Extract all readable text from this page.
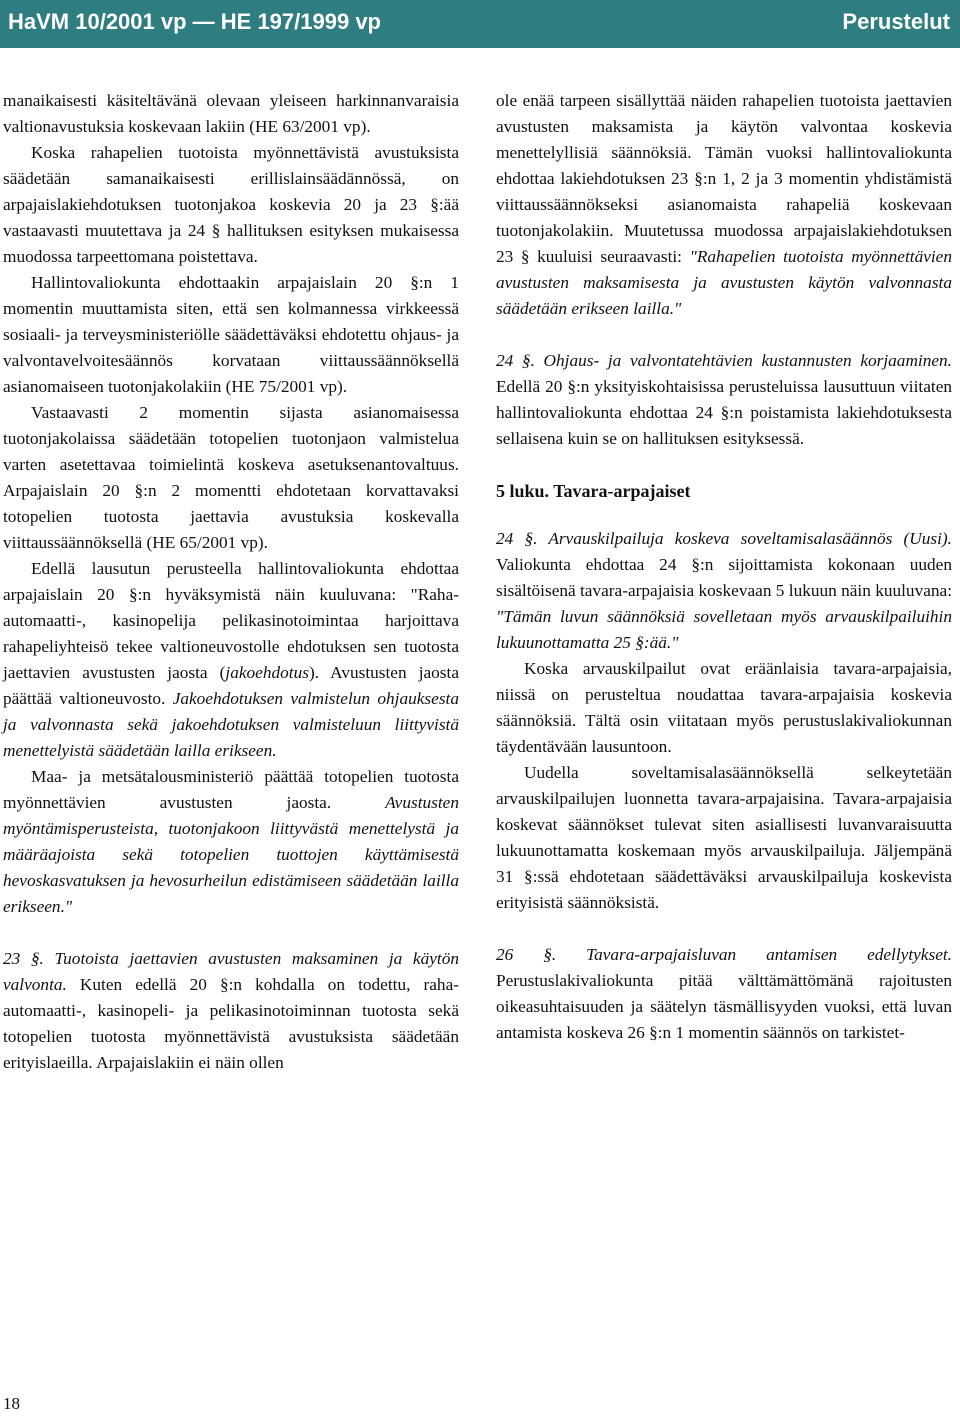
HaVM 10/2001 vp — HE 197/1999 vp	Perustelut

manaikaisesti käsiteltävänä olevaan yleiseen harkinnanvaraisia valtionavustuksia koskevaan lakiin (HE 63/2001 vp).

Koska rahapelien tuotoista myönnettävistä avustuksista säädetään samanaikaisesti erillislainsäädännössä, on arpajaislakiehdotuksen tuotonjakoa koskevia 20 ja 23 §:ää vastaavasti muutettava ja 24 § hallituksen esityksen mukaisessa muodossa tarpeettomana poistettava.

Hallintovaliokunta ehdottaakin arpajaislain 20 §:n 1 momentin muuttamista siten, että sen kolmannessa virkkeessä sosiaali- ja terveysministeriölle säädettäväksi ehdotettu ohjaus- ja valvontavelvoitesäännös korvataan viittaussäännöksellä asianomaiseen tuotonjakolakiin (HE 75/2001 vp).

Vastaavasti 2 momentin sijasta asianomaisessa tuotonjakolaissa säädetään totopelien tuotonjaon valmistelua varten asetettavaa toimielintä koskeva asetuksenantovaltuus. Arpajaislain 20 §:n 2 momentti ehdotetaan korvattavaksi totopelien tuotosta jaettavia avustuksia koskevalla viittaussäännöksellä (HE 65/2001 vp).

Edellä lausutun perusteella hallintovaliokunta ehdottaa arpajaislain 20 §:n hyväksymistä näin kuuluvana: "Raha-automaatti-, kasinopelija pelikasinotoimintaa harjoittava rahapeliyhteisö tekee valtioneuvostolle ehdotuksen sen tuotosta jaettavien avustusten jaosta (jakoehdotus). Avustusten jaosta päättää valtioneuvosto. Jakoehdotuksen valmistelun ohjauksesta ja valvonnasta sekä jakoehdotuksen valmisteluun liittyvistä menettelyistä säädetään lailla erikseen.

Maa- ja metsätalousministeriö päättää totopelien tuotosta myönnettävien avustusten jaosta. Avustusten myöntämisperusteista, tuotonjakoon liittyvästä menettelystä ja määräajoista sekä totopelien tuottojen käyttämisestä hevoskasvatuksen ja hevosurheilun edistämiseen säädetään lailla erikseen."

23 §. Tuotoista jaettavien avustusten maksaminen ja käytön valvonta. Kuten edellä 20 §:n kohdalla on todettu, raha-automaatti-, kasinopeli- ja pelikasinotoiminnan tuotosta sekä totopelien tuotosta myönnettävistä avustuksista säädetään erityislaeilla. Arpajaislakiin ei näin ollen

ole enää tarpeen sisällyttää näiden rahapelien tuotoista jaettavien avustusten maksamista ja käytön valvontaa koskevia menettelyllisiä säännöksiä. Tämän vuoksi hallintovaliokunta ehdottaa lakiehdotuksen 23 §:n 1, 2 ja 3 momentin yhdistämistä viittaussäännökseksi asianomaista rahapeliä koskevaan tuotonjakolakiin. Muutetussa muodossa arpajaislakiehdotuksen 23 § kuuluisi seuraavasti: "Rahapelien tuotoista myönnettävien avustusten maksamisesta ja avustusten käytön valvonnasta säädetään erikseen lailla."

24 §. Ohjaus- ja valvontatehtävien kustannusten korjaaminen. Edellä 20 §:n yksityiskohtaisissa perusteluissa lausuttuun viitaten hallintovaliokunta ehdottaa 24 §:n poistamista lakiehdotuksesta sellaisena kuin se on hallituksen esityksessä.

5 luku. Tavara-arpajaiset

24 §. Arvauskilpailuja koskeva soveltamisalasäännös (Uusi). Valiokunta ehdottaa 24 §:n sijoittamista kokonaan uuden sisältöisenä tavara-arpajaisia koskevaan 5 lukuun näin kuuluvana: "Tämän luvun säännöksiä sovelletaan myös arvauskilpailuihin lukuunottamatta 25 §:ää."

Koska arvauskilpailut ovat eräänlaisia tavara-arpajaisia, niissä on perusteltua noudattaa tavara-arpajaisia koskevia säännöksiä. Tältä osin viitataan myös perustuslakivaliokunnan täydentävään lausuntoon.

Uudella soveltamisalasäännöksellä selkeytetään arvauskilpailujen luonnetta tavara-arpajaisina. Tavara-arpajaisia koskevat säännökset tulevat siten asiallisesti luvanvaraisuutta lukuunottamatta koskemaan myös arvauskilpailuja. Jäljempänä 31 §:ssä ehdotetaan säädettäväksi arvauskilpailuja koskevista erityisistä säännöksistä.

26 §. Tavara-arpajaisluvan antamisen edellytykset. Perustuslakivaliokunta pitää välttämättömänä rajoitusten oikeasuhtaisuuden ja säätelyn täsmällisyyden vuoksi, että luvan antamista koskeva 26 §:n 1 momentin säännös on tarkistet-

18
